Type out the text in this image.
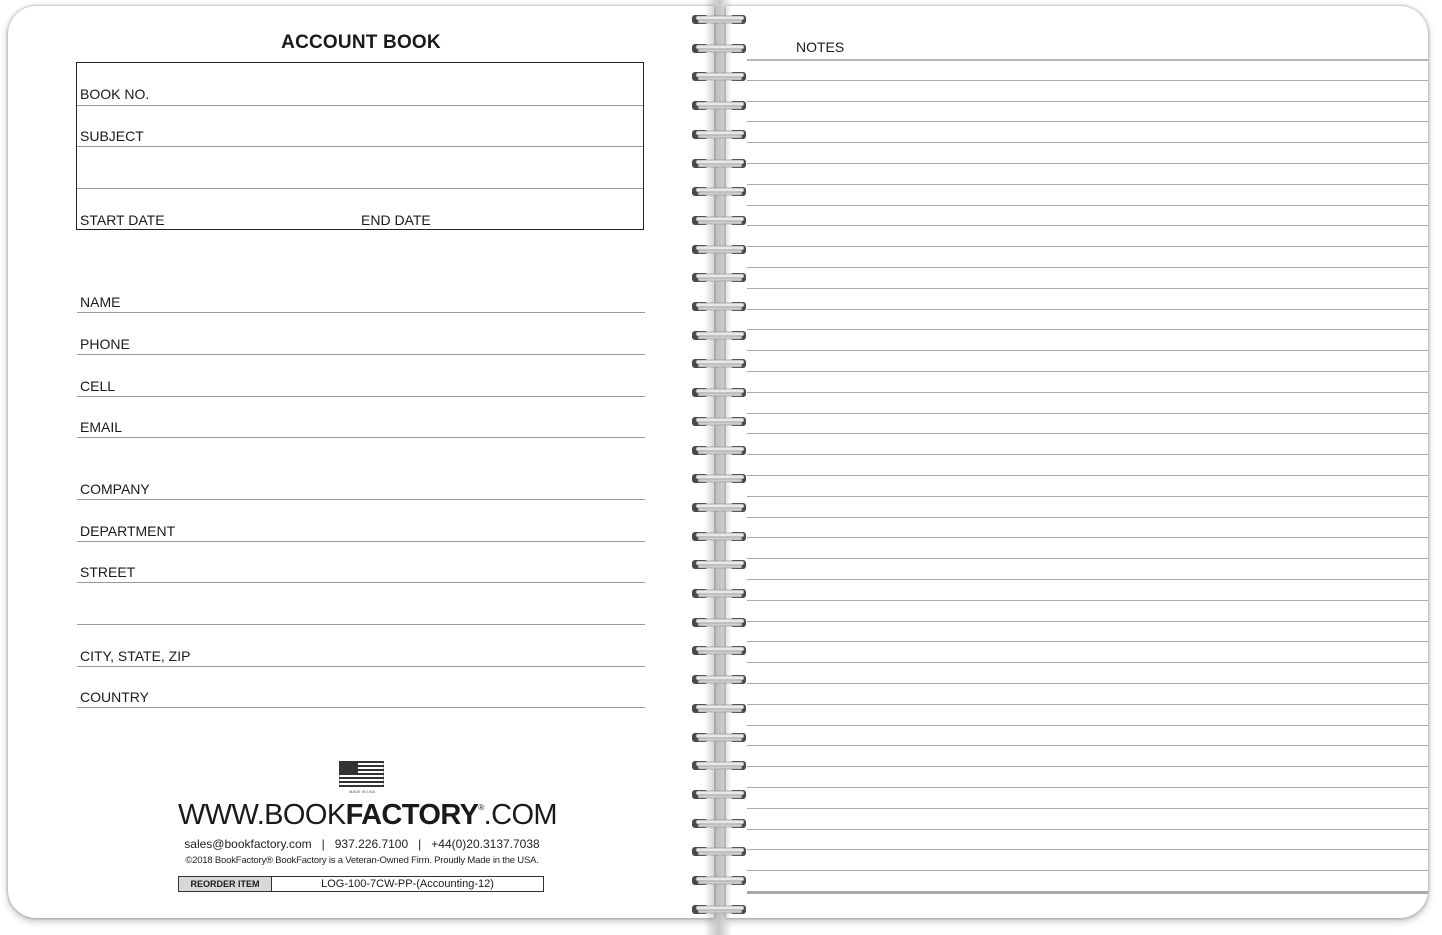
ACCOUNT BOOK
BOOK NO.
SUBJECT
START DATE	END DATE
NAME
PHONE
CELL
EMAIL
COMPANY
DEPARTMENT
STREET
CITY, STATE, ZIP
COUNTRY
MADE IN USA
WWW.BOOKFACTORY®.COM
sales@bookfactory.com   |   937.226.7100   |   +44(0)20.3137.7038
©2018 BookFactory® BookFactory is a Veteran-Owned Firm. Proudly Made in the USA.
REORDER ITEM	LOG-100-7CW-PP-(Accounting-12)
NOTES
